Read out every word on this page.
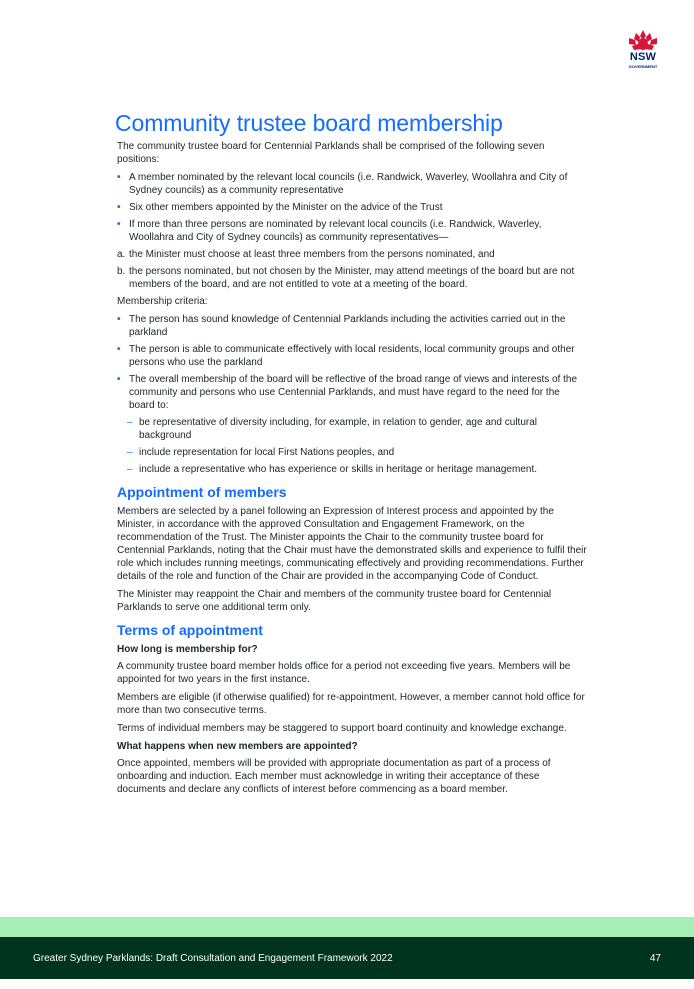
NSW
GOVERNMENT
Community trustee board membership

The community trustee board for Centennial Parklands shall be comprised of the following seven positions:

• A member nominated by the relevant local councils (i.e. Randwick, Waverley, Woollahra and City of Sydney councils) as a community representative
• Six other members appointed by the Minister on the advice of the Trust
• If more than three persons are nominated by relevant local councils (i.e. Randwick, Waverley, Woollahra and City of Sydney councils) as community representatives—
a. the Minister must choose at least three members from the persons nominated, and
b. the persons nominated, but not chosen by the Minister, may attend meetings of the board but are not members of the board, and are not entitled to vote at a meeting of the board.

Membership criteria:

• The person has sound knowledge of Centennial Parklands including the activities carried out in the parkland
• The person is able to communicate effectively with local residents, local community groups and other persons who use the parkland
• The overall membership of the board will be reflective of the broad range of views and interests of the community and persons who use Centennial Parklands, and must have regard to the need for the board to:
– be representative of diversity including, for example, in relation to gender, age and cultural background
– include representation for local First Nations peoples, and
– include a representative who has experience or skills in heritage or heritage management.
Appointment of members

Members are selected by a panel following an Expression of Interest process and appointed by the Minister, in accordance with the approved Consultation and Engagement Framework, on the recommendation of the Trust. The Minister appoints the Chair to the community trustee board for Centennial Parklands, noting that the Chair must have the demonstrated skills and experience to fulfil their role which includes running meetings, communicating effectively and providing recommendations. Further details of the role and function of the Chair are provided in the accompanying Code of Conduct.

The Minister may reappoint the Chair and members of the community trustee board for Centennial Parklands to serve one additional term only.

Terms of appointment

How long is membership for?

A community trustee board member holds office for a period not exceeding five years. Members will be appointed for two years in the first instance.

Members are eligible (if otherwise qualified) for re-appointment. However, a member cannot hold office for more than two consecutive terms.

Terms of individual members may be staggered to support board continuity and knowledge exchange.

What happens when new members are appointed?

Once appointed, members will be provided with appropriate documentation as part of a process of onboarding and induction. Each member must acknowledge in writing their acceptance of these documents and declare any conflicts of interest before commencing as a board member.

Greater Sydney Parklands: Draft Consultation and Engagement Framework 2022	47
